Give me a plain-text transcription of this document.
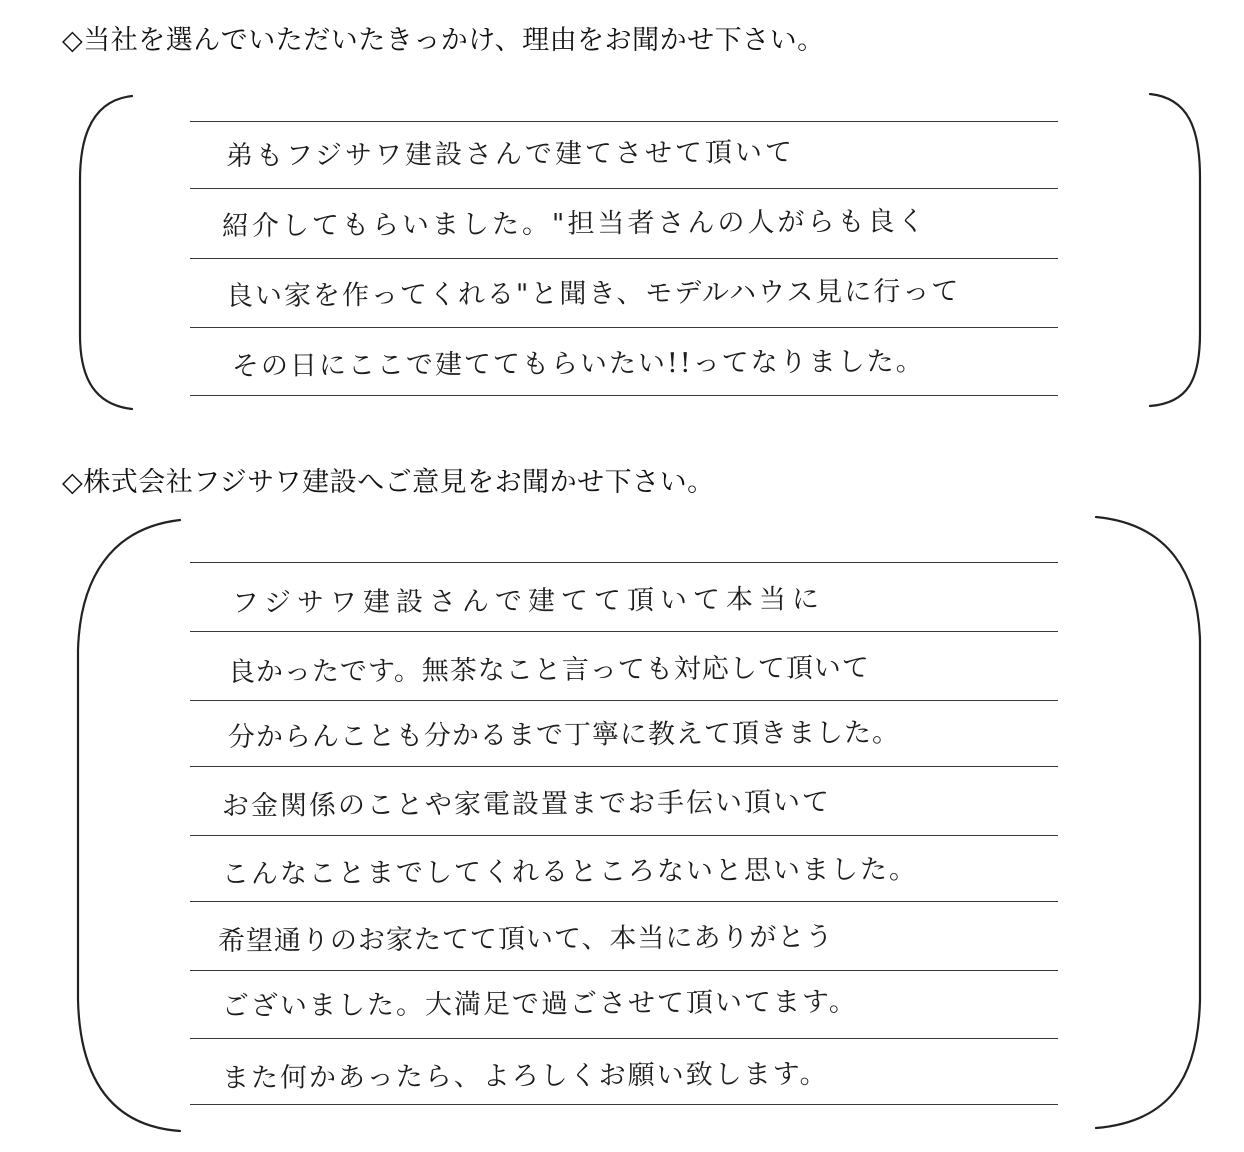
◇当社を選んでいただいたきっかけ、理由をお聞かせ下さい。
◇株式会社フジサワ建設へご意見をお聞かせ下さい。
弟もフジサワ建設さんで建てさせて頂いて
紹介してもらいました。"担当者さんの人がらも良く
良い家を作ってくれる"と聞き、モデルハウス見に行って
その日にここで建ててもらいたい!!ってなりました。
フジサワ建設さんで建てて頂いて本当に
良かったです。無茶なこと言っても対応して頂いて
分からんことも分かるまで丁寧に教えて頂きました。
お金関係のことや家電設置までお手伝い頂いて
こんなことまでしてくれるところないと思いました。
希望通りのお家たてて頂いて、本当にありがとう
ございました。大満足で過ごさせて頂いてます。
また何かあったら、よろしくお願い致します。
